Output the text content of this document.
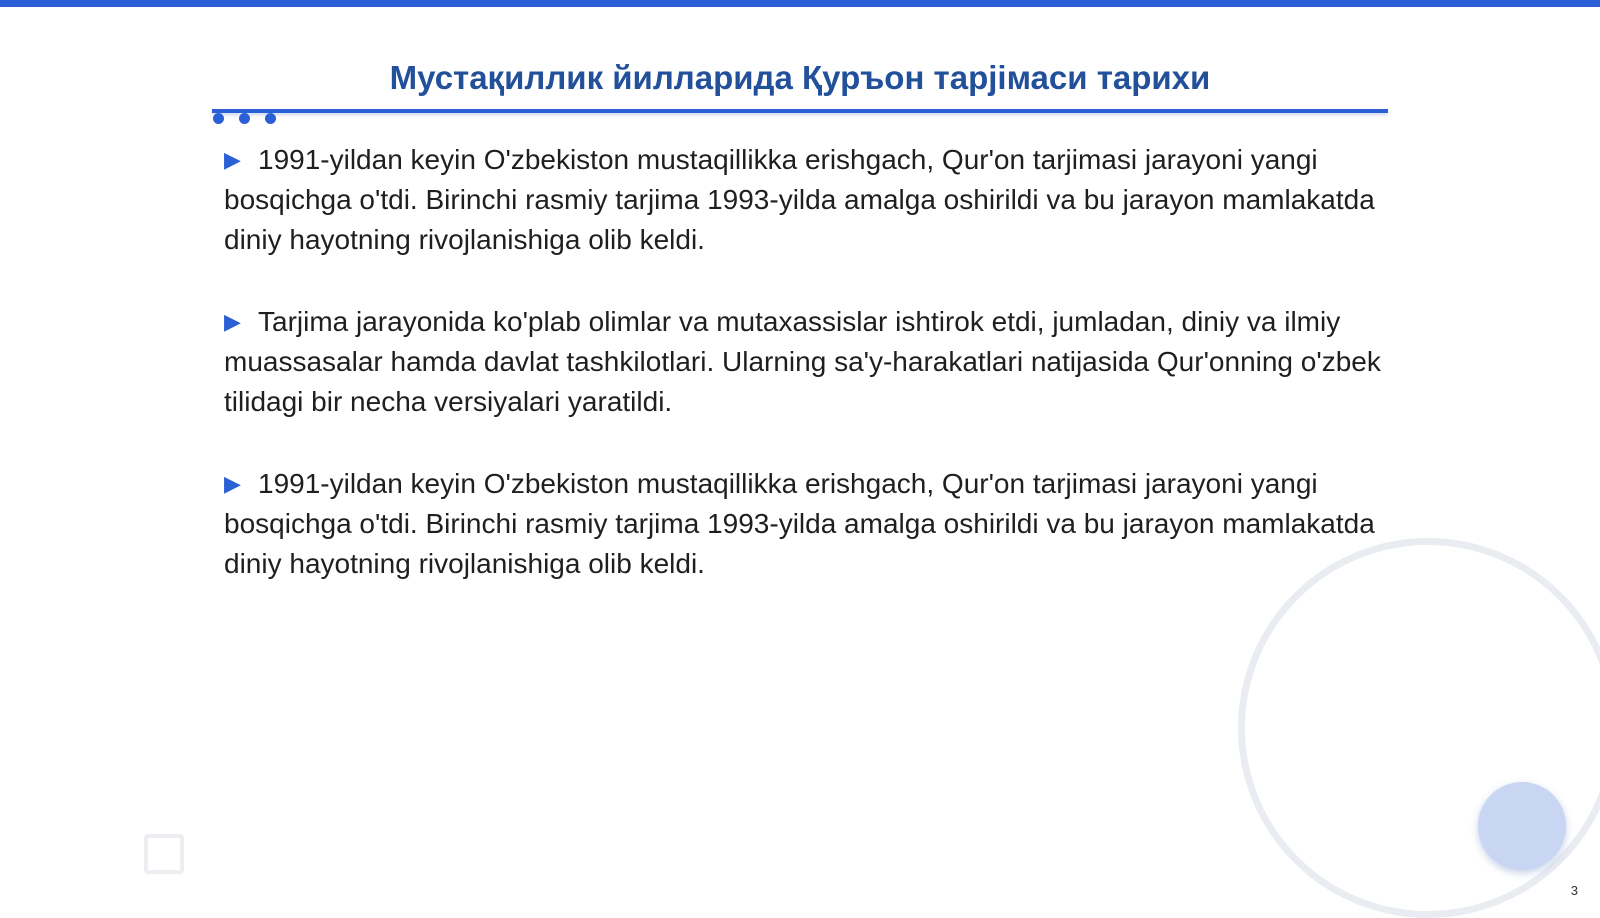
Мустақиллик йилларида Қуръон тарjiмаси тарихи

▶ 1991-yildan keyin O'zbekiston mustaqillikka erishgach, Qur'on tarjimasi jarayoni yangi bosqichga o'tdi. Birinchi rasmiy tarjima 1993-yilda amalga oshirildi va bu jarayon mamlakatda diniy hayotning rivojlanishiga olib keldi.

▶ Tarjima jarayonida ko'plab olimlar va mutaxassislar ishtirok etdi, jumladan, diniy va ilmiy muassasalar hamda davlat tashkilotlari. Ularning sa'y-harakatlari natijasida Qur'onning o'zbek tilidagi bir necha versiyalari yaratildi.

▶ 1991-yildan keyin O'zbekiston mustaqillikka erishgach, Qur'on tarjimasi jarayoni yangi bosqichga o'tdi. Birinchi rasmiy tarjima 1993-yilda amalga oshirildi va bu jarayon mamlakatda diniy hayotning rivojlanishiga olib keldi.

3
